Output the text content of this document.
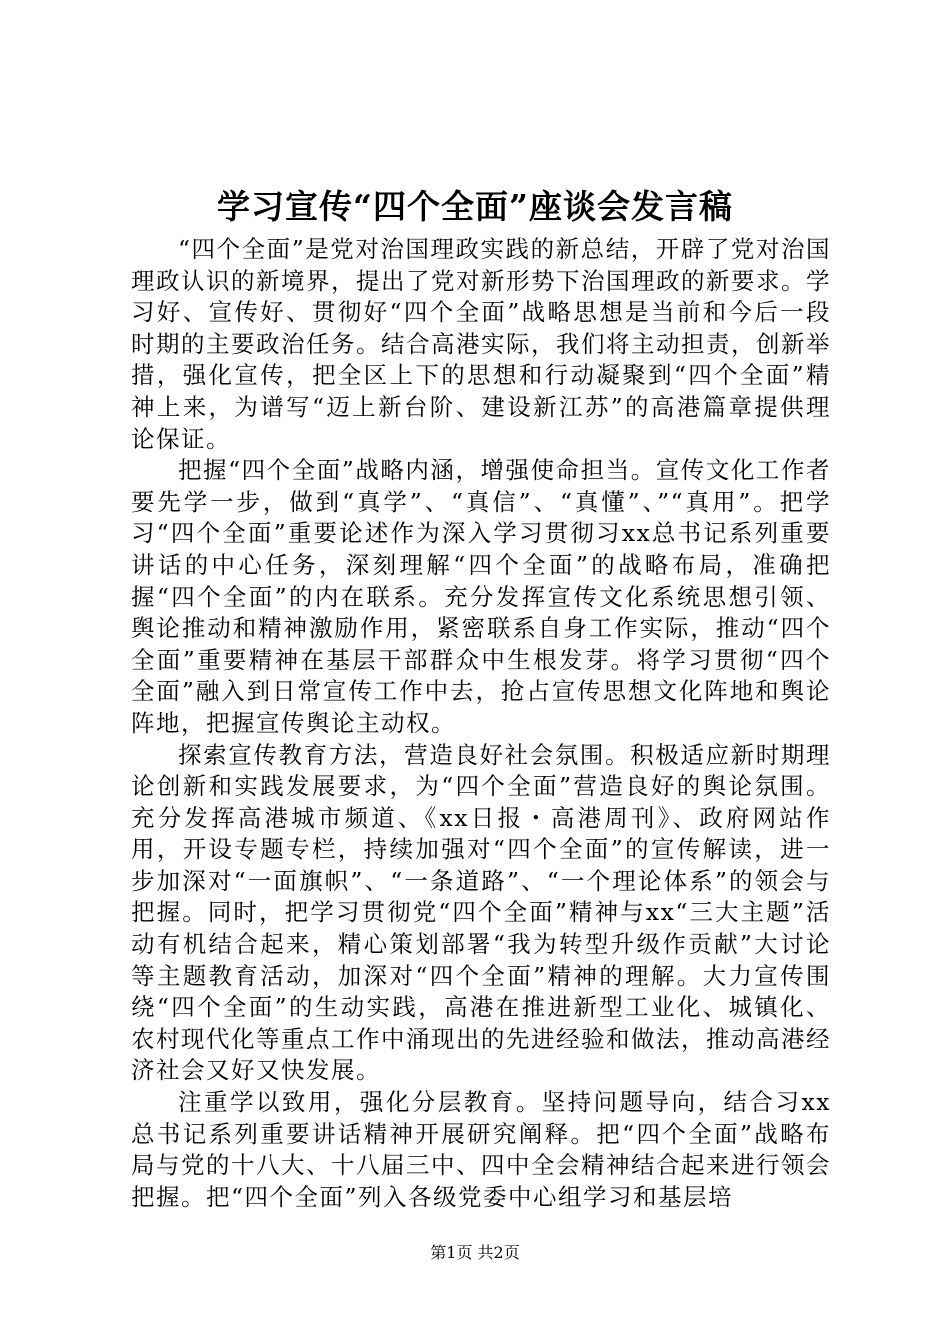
学习宣传“四个全面”座谈会发言稿

“四个全面”是党对治国理政实践的新总结，开辟了党对治国理政认识的新境界，提出了党对新形势下治国理政的新要求。学习好、宣传好、贯彻好“四个全面”战略思想是当前和今后一段时期的主要政治任务。结合高港实际，我们将主动担责，创新举措，强化宣传，把全区上下的思想和行动凝聚到“四个全面”精神上来，为谱写“迈上新台阶、建设新江苏”的高港篇章提供理论保证。

把握“四个全面”战略内涵，增强使命担当。宣传文化工作者要先学一步，做到“真学”、“真信”、“真懂”、”“真用”。把学习“四个全面”重要论述作为深入学习贯彻习xx总书记系列重要讲话的中心任务，深刻理解“四个全面”的战略布局，准确把握“四个全面”的内在联系。充分发挥宣传文化系统思想引领、舆论推动和精神激励作用，紧密联系自身工作实际，推动“四个全面”重要精神在基层干部群众中生根发芽。将学习贯彻“四个全面”融入到日常宣传工作中去，抢占宣传思想文化阵地和舆论阵地，把握宣传舆论主动权。

探索宣传教育方法，营造良好社会氛围。积极适应新时期理论创新和实践发展要求，为“四个全面”营造良好的舆论氛围。充分发挥高港城市频道、《xx日报・高港周刊》、政府网站作用，开设专题专栏，持续加强对“四个全面”的宣传解读，进一步加深对“一面旗帜”、“一条道路”、“一个理论体系”的领会与把握。同时，把学习贯彻党“四个全面”精神与xx“三大主题”活动有机结合起来，精心策划部署“我为转型升级作贡献”大讨论等主题教育活动，加深对“四个全面”精神的理解。大力宣传围绕“四个全面”的生动实践，高港在推进新型工业化、城镇化、农村现代化等重点工作中涌现出的先进经验和做法，推动高港经济社会又好又快发展。

注重学以致用，强化分层教育。坚持问题导向，结合习xx总书记系列重要讲话精神开展研究阐释。把“四个全面”战略布局与党的十八大、十八届三中、四中全会精神结合起来进行领会把握。把“四个全面”列入各级党委中心组学习和基层培

第1页 共2页
